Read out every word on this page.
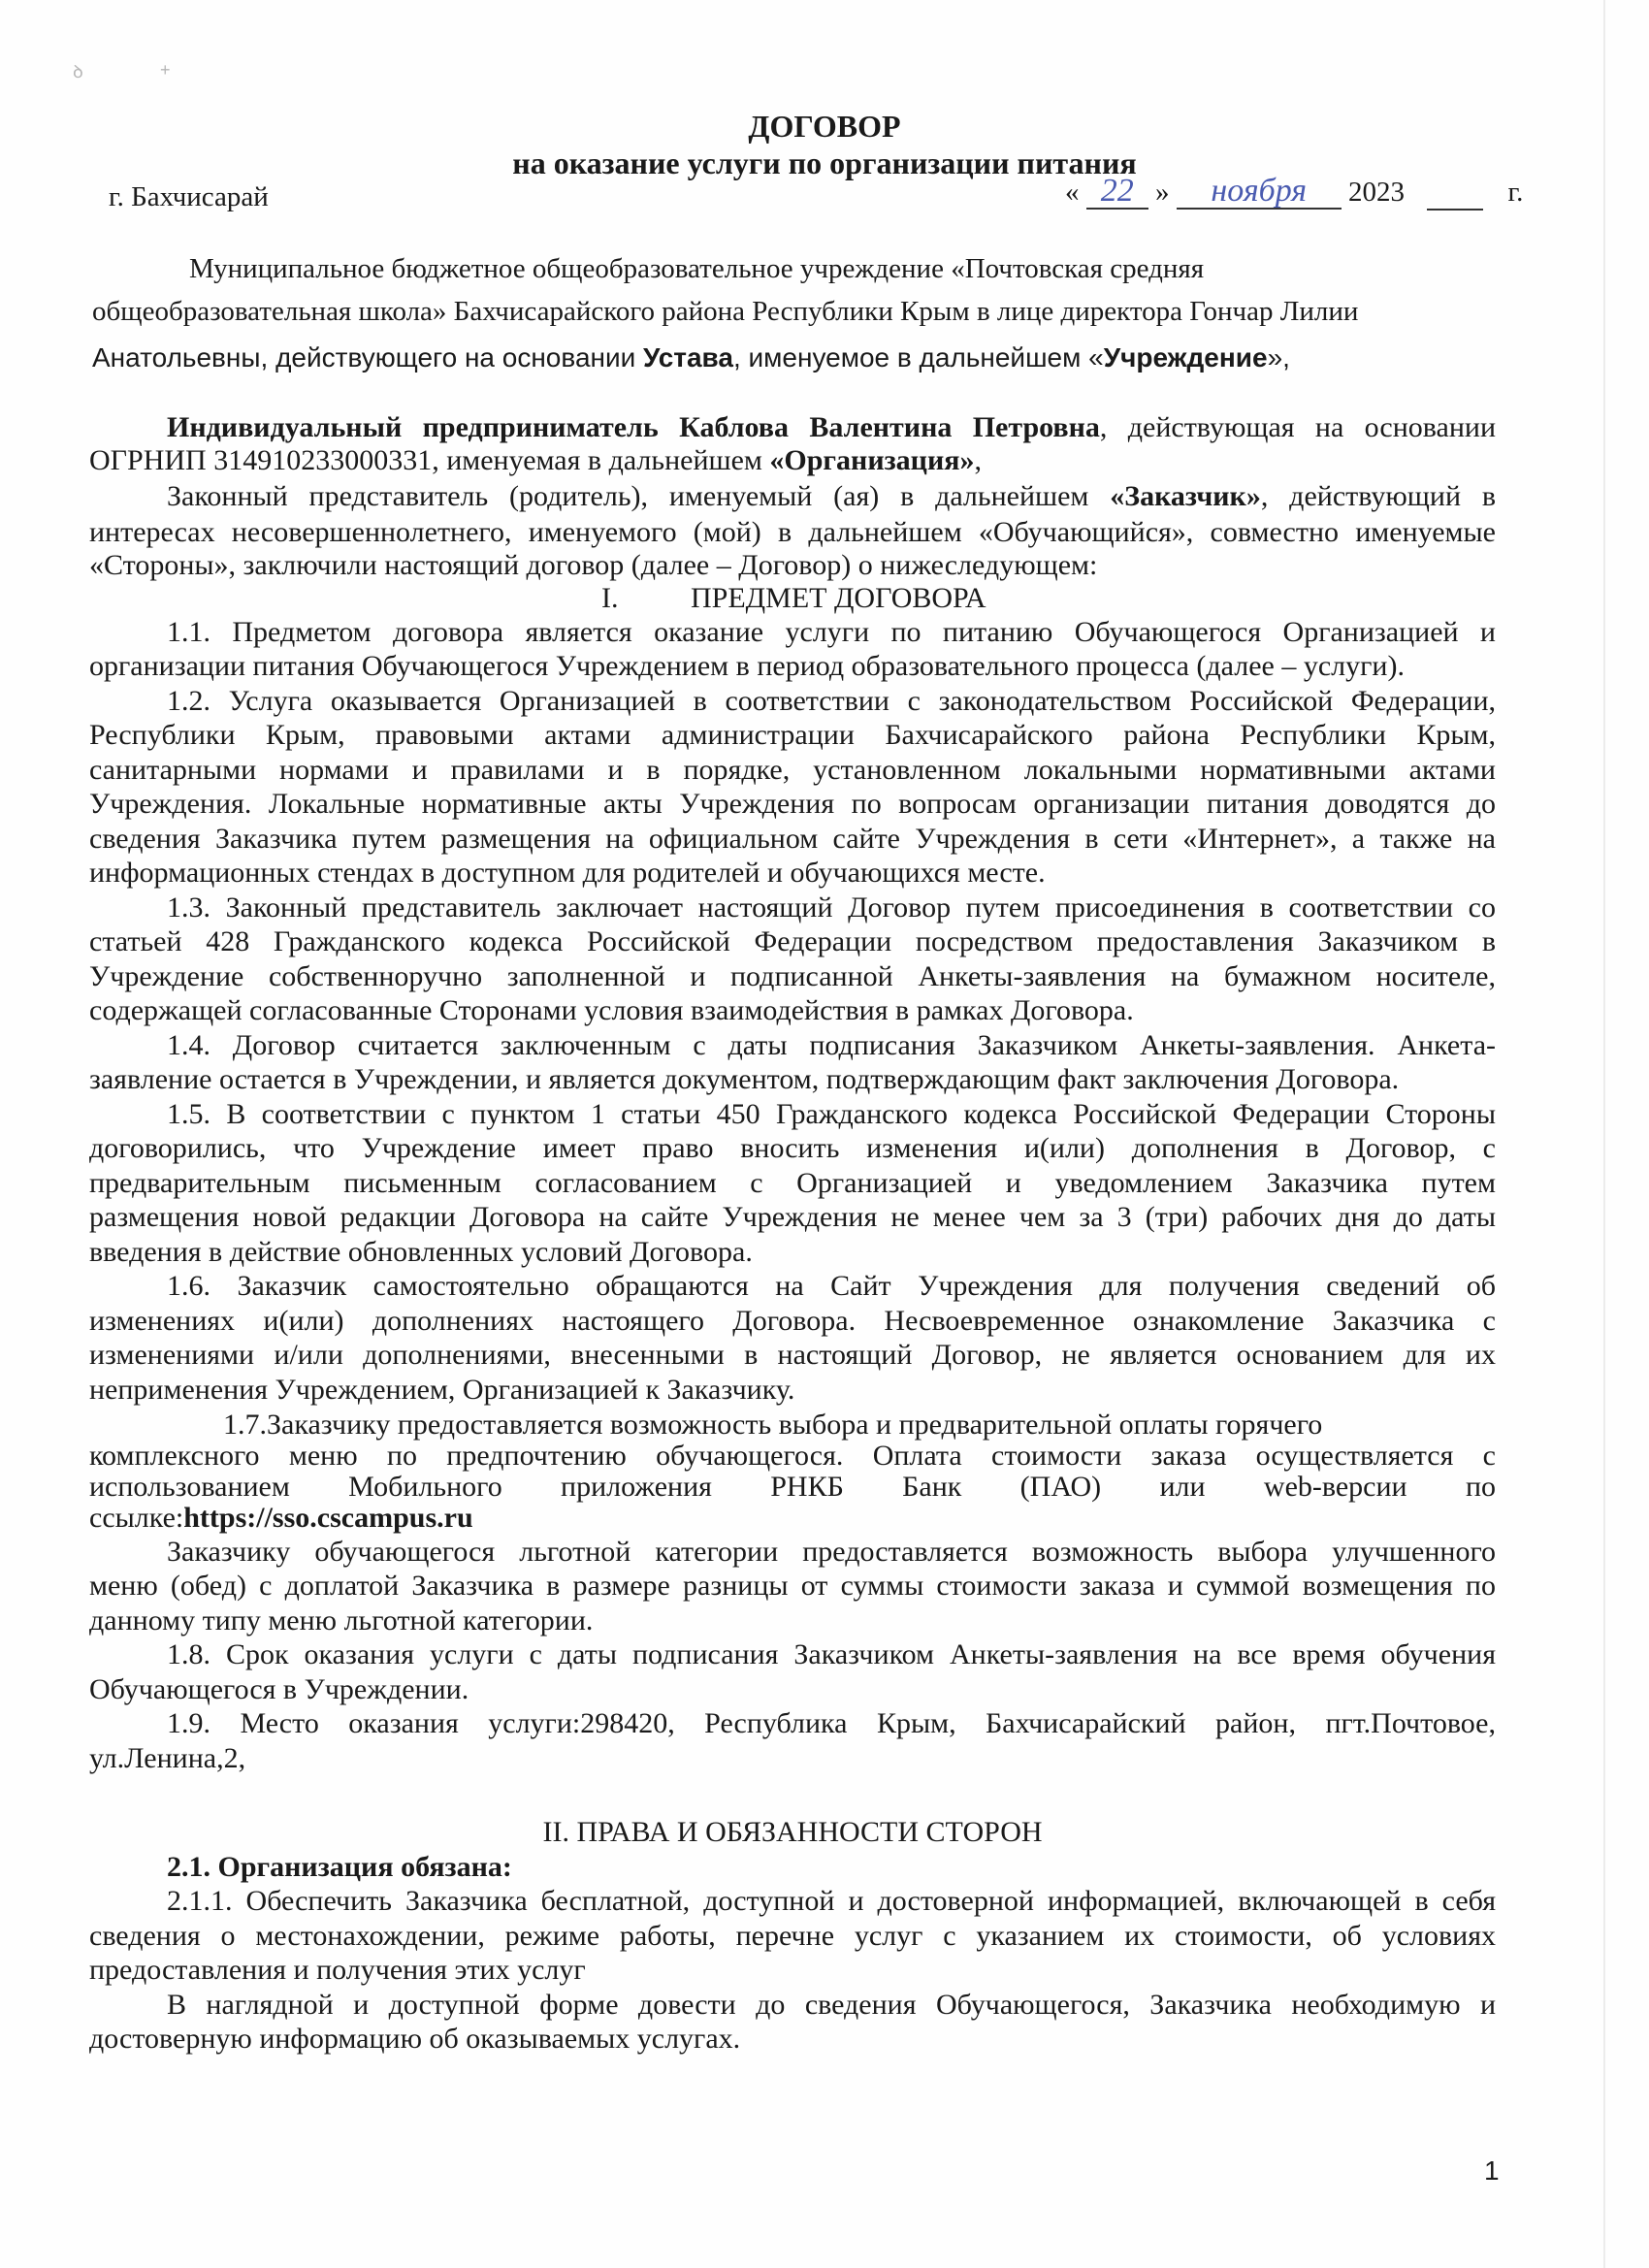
ꝺ	+
ДОГОВОР
на оказание услуги по организации питания
г. Бахчисарай	« 22 » ноября 2023	г.
Муниципальное бюджетное общеобразовательное учреждение «Почтовская средняя
общеобразовательная школа» Бахчисарайского района Республики Крым в лице директора Гончар Лилии
Анатольевны, действующего на основании Устава, именуемое в дальнейшем «Учреждение»,
Индивидуальный предприниматель Каблова Валентина Петровна, действующая на основании
ОГРНИП 314910233000331, именуемая в дальнейшем «Организация»,
Законный представитель (родитель), именуемый (ая) в дальнейшем «Заказчик», действующий в
интересах несовершеннолетнего, именуемого (мой) в дальнейшем «Обучающийся», совместно именуемые
«Стороны», заключили настоящий договор (далее – Договор) о нижеследующем:
I.	ПРЕДМЕТ ДОГОВОРА
1.1. Предметом договора является оказание услуги по питанию Обучающегося Организацией и
организации питания Обучающегося Учреждением в период образовательного процесса (далее – услуги).
1.2. Услуга оказывается Организацией в соответствии с законодательством Российской Федерации,
Республики Крым, правовыми актами администрации Бахчисарайского района Республики Крым,
санитарными нормами и правилами и в порядке, установленном локальными нормативными актами
Учреждения. Локальные нормативные акты Учреждения по вопросам организации питания доводятся до
сведения Заказчика путем размещения на официальном сайте Учреждения в сети «Интернет», а также на
информационных стендах в доступном для родителей и обучающихся месте.
1.3. Законный представитель заключает настоящий Договор путем присоединения в соответствии со
статьей 428 Гражданского кодекса Российской Федерации посредством предоставления Заказчиком в
Учреждение собственноручно заполненной и подписанной Анкеты-заявления на бумажном носителе,
содержащей согласованные Сторонами условия взаимодействия в рамках Договора.
1.4. Договор считается заключенным с даты подписания Заказчиком Анкеты-заявления. Анкета-
заявление остается в Учреждении, и является документом, подтверждающим факт заключения Договора.
1.5. В соответствии с пунктом 1 статьи 450 Гражданского кодекса Российской Федерации Стороны
договорились, что Учреждение имеет право вносить изменения и(или) дополнения в Договор, с
предварительным письменным согласованием с Организацией и уведомлением Заказчика путем
размещения новой редакции Договора на сайте Учреждения не менее чем за 3 (три) рабочих дня до даты
введения в действие обновленных условий Договора.
1.6. Заказчик самостоятельно обращаются на Сайт Учреждения для получения сведений об
изменениях и(или) дополнениях настоящего Договора. Несвоевременное ознакомление Заказчика с
изменениями и/или дополнениями, внесенными в настоящий Договор, не является основанием для их
неприменения Учреждением, Организацией к Заказчику.
1.7.Заказчику предоставляется возможность выбора и предварительной оплаты горячего
комплексного меню по предпочтению обучающегося. Оплата стоимости заказа осуществляется с
использованием Мобильного приложения РНКБ Банк (ПАО) или web-версии по
ссылке:https://sso.cscampus.ru
Заказчику обучающегося льготной категории предоставляется возможность выбора улучшенного
меню (обед) с доплатой Заказчика в размере разницы от суммы стоимости заказа и суммой возмещения по
данному типу меню льготной категории.
1.8. Срок оказания услуги с даты подписания Заказчиком Анкеты-заявления на все время обучения
Обучающегося в Учреждении.
1.9. Место оказания услуги:298420, Республика Крым, Бахчисарайский район, пгт.Почтовое,
ул.Ленина,2,
II. ПРАВА И ОБЯЗАННОСТИ СТОРОН
2.1. Организация обязана:
2.1.1. Обеспечить Заказчика бесплатной, доступной и достоверной информацией, включающей в себя
сведения о местонахождении, режиме работы, перечне услуг с указанием их стоимости, об условиях
предоставления и получения этих услуг
В наглядной и доступной форме довести до сведения Обучающегося, Заказчика необходимую и
достоверную информацию об оказываемых услугах.
1
